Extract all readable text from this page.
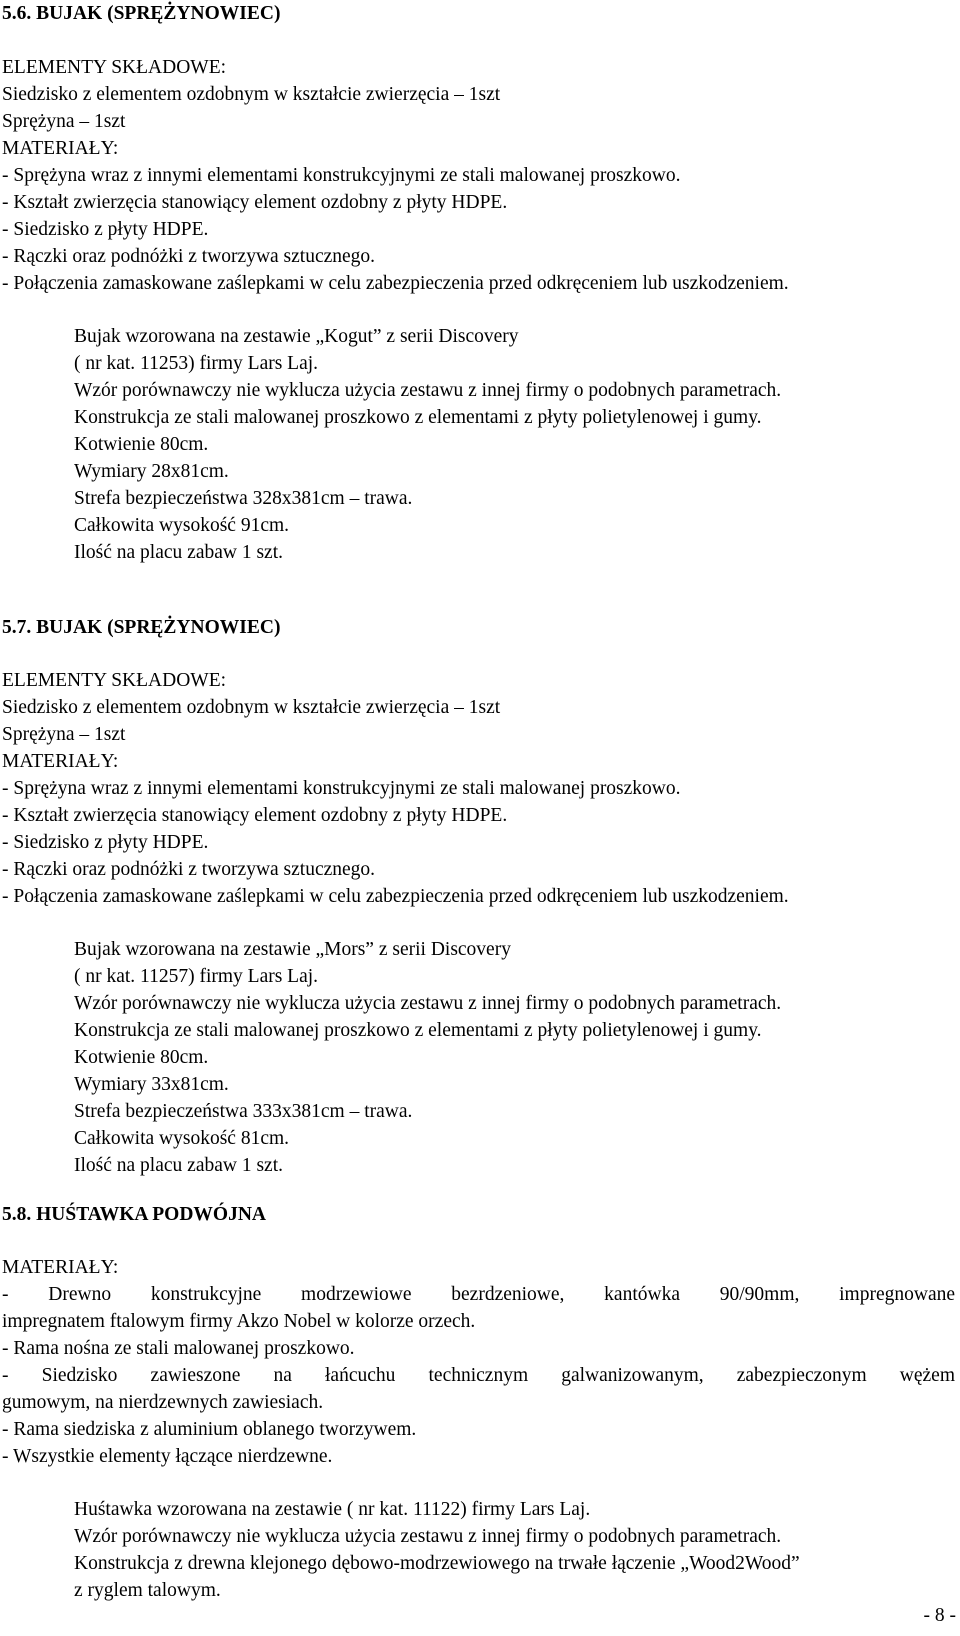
5.6. BUJAK (SPRĘŻYNOWIEC)
ELEMENTY SKŁADOWE:
Siedzisko z elementem ozdobnym w kształcie zwierzęcia – 1szt
Sprężyna – 1szt
MATERIAŁY:
- Sprężyna wraz z innymi elementami konstrukcyjnymi ze stali malowanej proszkowo.
- Kształt zwierzęcia stanowiący element ozdobny z płyty HDPE.
- Siedzisko z płyty HDPE.
- Rączki oraz podnóżki z tworzywa sztucznego.
- Połączenia zamaskowane zaślepkami w celu zabezpieczenia przed odkręceniem lub uszkodzeniem.
Bujak wzorowana na zestawie „Kogut” z serii Discovery
( nr kat. 11253) firmy Lars Laj.
Wzór porównawczy nie wyklucza użycia zestawu z innej firmy o podobnych parametrach.
Konstrukcja ze stali malowanej proszkowo z elementami z płyty polietylenowej i gumy.
Kotwienie 80cm.
Wymiary 28x81cm.
Strefa bezpieczeństwa 328x381cm – trawa.
Całkowita wysokość 91cm.
Ilość na placu zabaw 1 szt.
5.7. BUJAK (SPRĘŻYNOWIEC)
ELEMENTY SKŁADOWE:
Siedzisko z elementem ozdobnym w kształcie zwierzęcia – 1szt
Sprężyna – 1szt
MATERIAŁY:
- Sprężyna wraz z innymi elementami konstrukcyjnymi ze stali malowanej proszkowo.
- Kształt zwierzęcia stanowiący element ozdobny z płyty HDPE.
- Siedzisko z płyty HDPE.
- Rączki oraz podnóżki z tworzywa sztucznego.
- Połączenia zamaskowane zaślepkami w celu zabezpieczenia przed odkręceniem lub uszkodzeniem.
Bujak wzorowana na zestawie „Mors” z serii Discovery
( nr kat. 11257) firmy Lars Laj.
Wzór porównawczy nie wyklucza użycia zestawu z innej firmy o podobnych parametrach.
Konstrukcja ze stali malowanej proszkowo z elementami z płyty polietylenowej i gumy.
Kotwienie 80cm.
Wymiary 33x81cm.
Strefa bezpieczeństwa 333x381cm – trawa.
Całkowita wysokość 81cm.
Ilość na placu zabaw 1 szt.
5.8. HUŚTAWKA PODWÓJNA
MATERIAŁY:
- Drewno konstrukcyjne modrzewiowe bezrdzeniowe, kantówka 90/90mm, impregnowane
impregnatem ftalowym firmy Akzo Nobel w kolorze orzech.
- Rama nośna ze stali malowanej proszkowo.
- Siedzisko zawieszone na łańcuchu technicznym galwanizowanym, zabezpieczonym wężem
gumowym, na nierdzewnych zawiesiach.
- Rama siedziska z aluminium oblanego tworzywem.
- Wszystkie elementy łączące nierdzewne.
Huśtawka wzorowana na zestawie ( nr kat. 11122) firmy Lars Laj.
Wzór porównawczy nie wyklucza użycia zestawu z innej firmy o podobnych parametrach.
Konstrukcja z drewna klejonego dębowo-modrzewiowego na trwałe łączenie „Wood2Wood”
z ryglem talowym.
- 8 -
